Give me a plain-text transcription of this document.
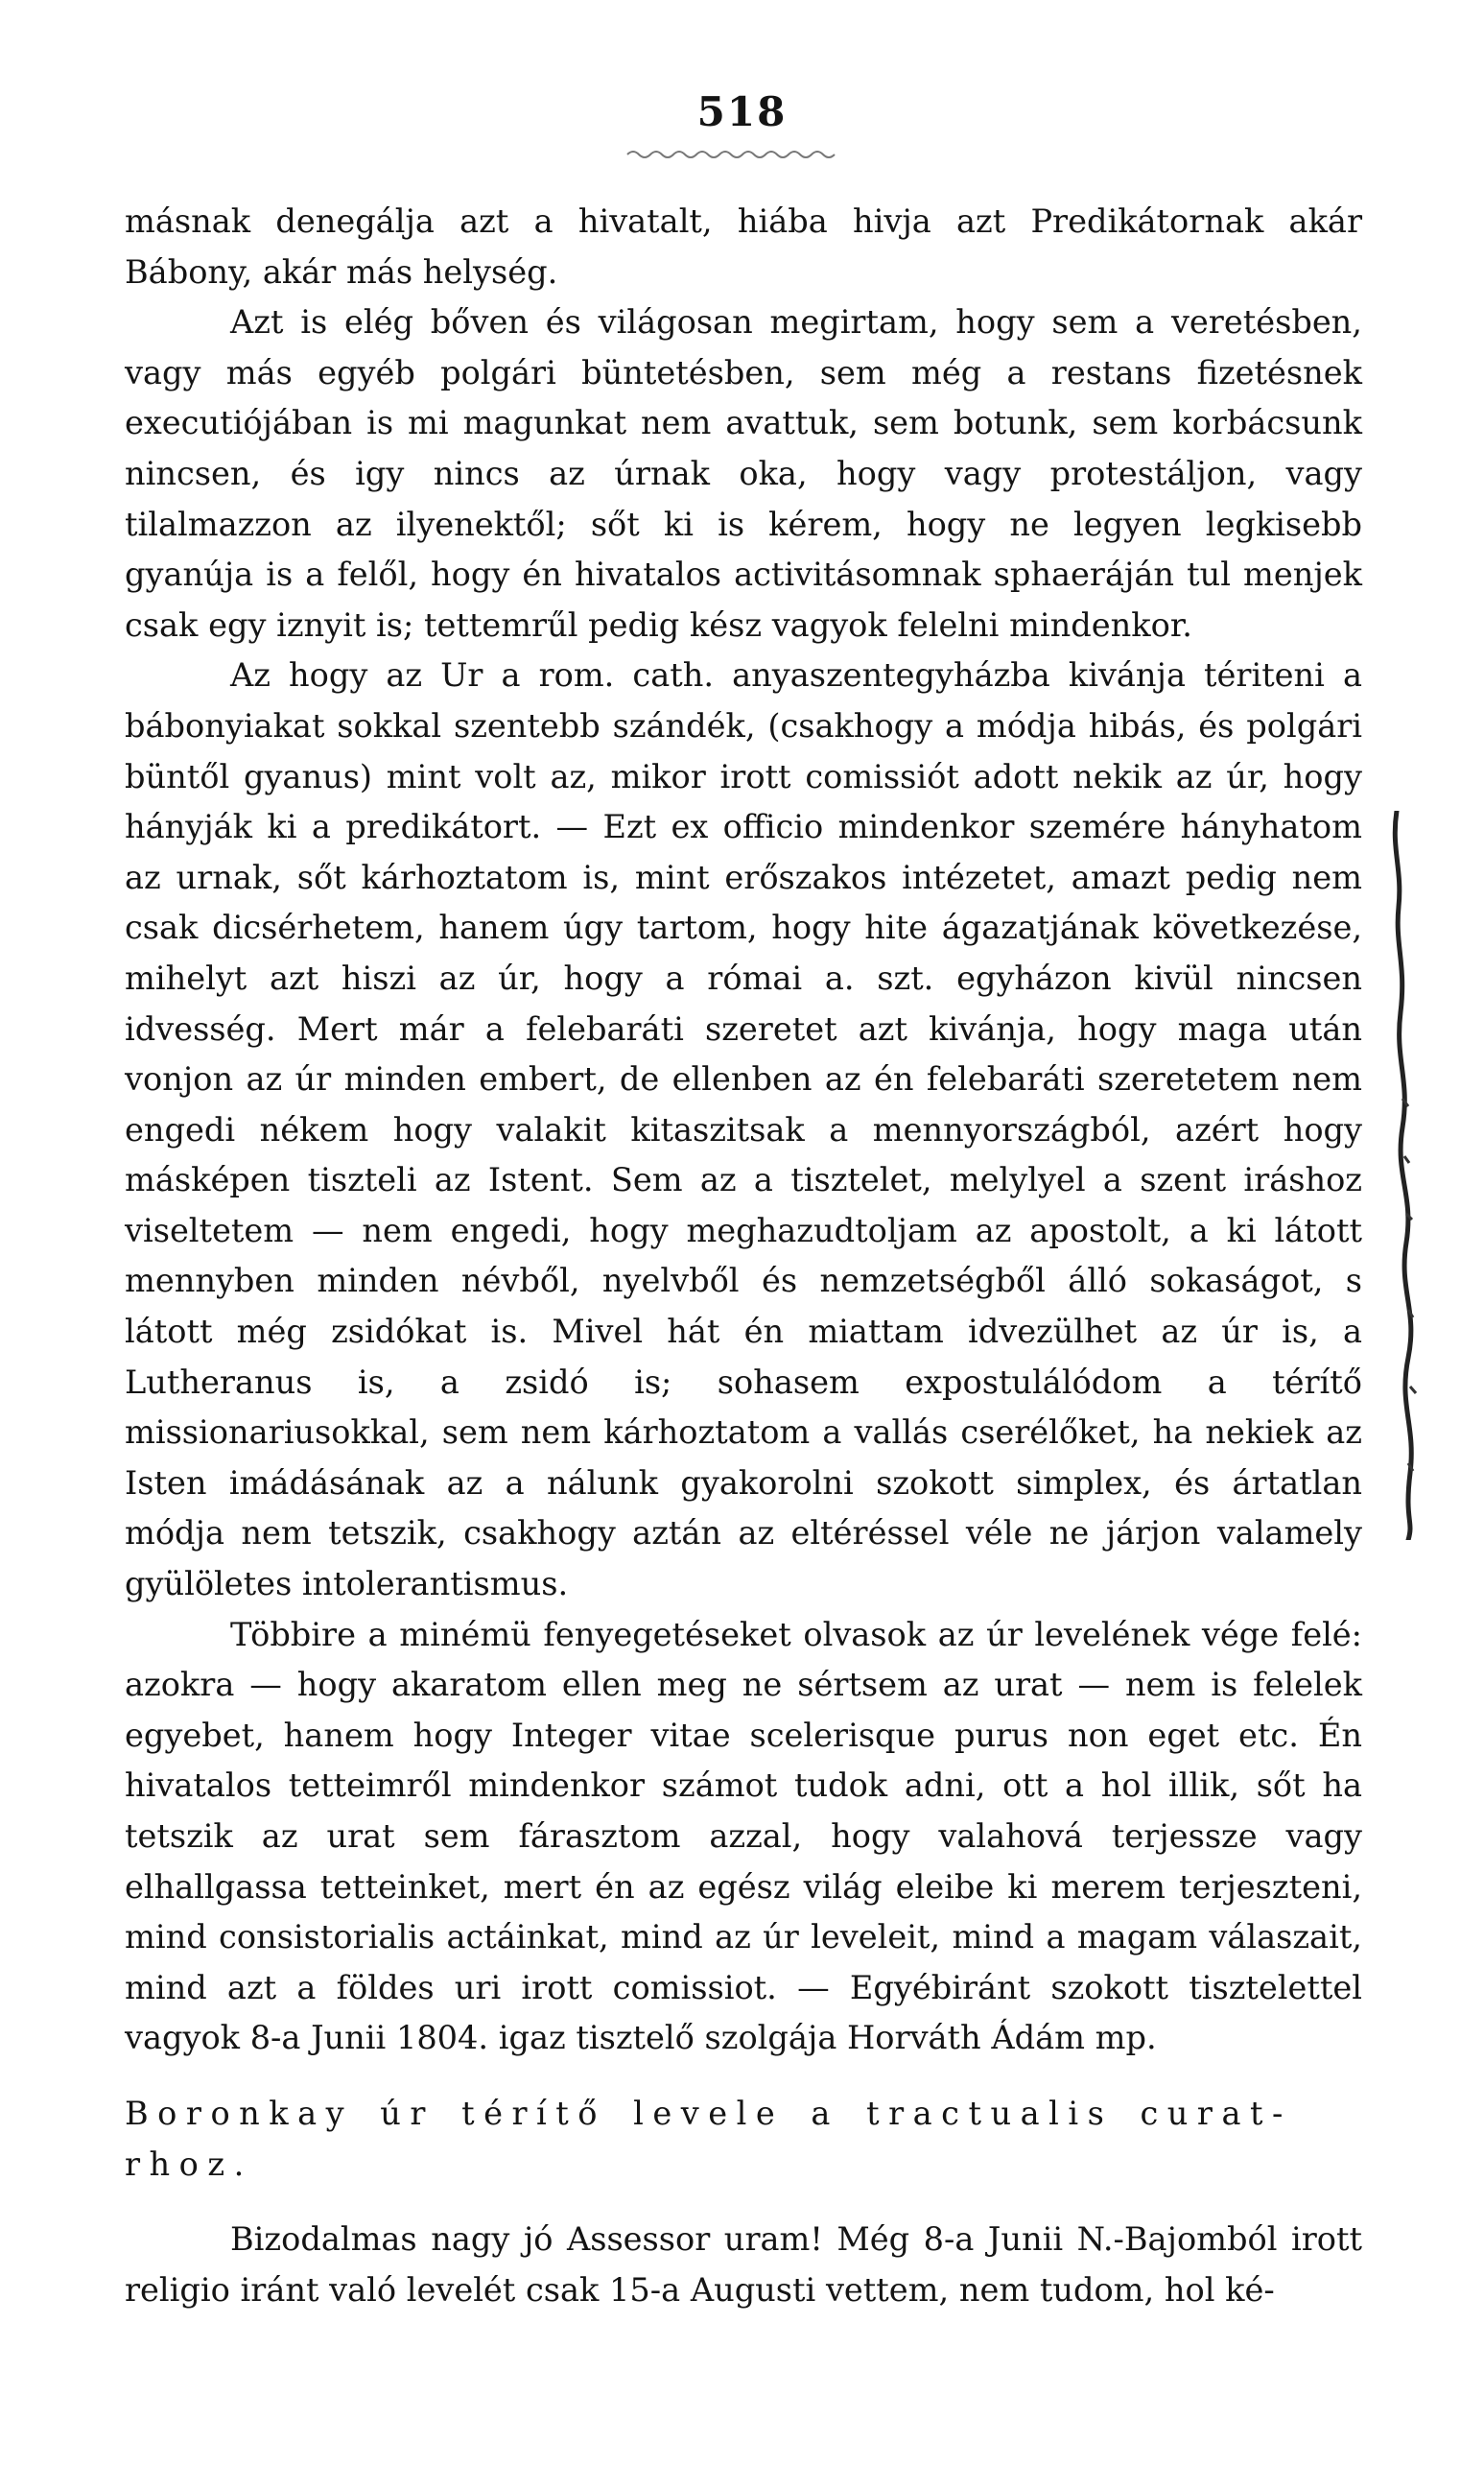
518

másnak denegálja azt a hivatalt, hiába hivja azt Predikátornak akár Bábony, akár más helység.

Azt is elég bőven és világosan megirtam, hogy sem a veretésben, vagy más egyéb polgári büntetésben, sem még a restans fizetésnek executiójában is mi magunkat nem avattuk, sem botunk, sem korbácsunk nincsen, és igy nincs az úrnak oka, hogy vagy protestáljon, vagy tilalmazzon az ilyenektől; sőt ki is kérem, hogy ne legyen legkisebb gyanúja is a felől, hogy én hivatalos activitásomnak sphaeráján tul menjek csak egy iznyit is; tettemrűl pedig kész vagyok felelni mindenkor.

Az hogy az Ur a rom. cath. anyaszentegyházba kivánja tériteni a bábonyiakat sokkal szentebb szándék, (csakhogy a módja hibás, és polgári büntől gyanus) mint volt az, mikor irott comissiót adott nekik az úr, hogy hányják ki a predikátort. — Ezt ex officio mindenkor szemére hányhatom az urnak, sőt kárhoztatom is, mint erőszakos intézetet, amazt pedig nem csak dicsérhetem, hanem úgy tartom, hogy hite ágazatjának következése, mihelyt azt hiszi az úr, hogy a római a. szt. egyházon kivül nincsen idvesség. Mert már a felebaráti szeretet azt kivánja, hogy maga után vonjon az úr minden embert, de ellenben az én felebaráti szeretetem nem engedi nékem hogy valakit kitaszitsak a mennyországból, azért hogy másképen tiszteli az Istent. Sem az a tisztelet, melylyel a szent iráshoz viseltetem — nem engedi, hogy meghazudtoljam az apostolt, a ki látott mennyben minden névből, nyelvből és nemzetségből álló sokaságot, s látott még zsidókat is. Mivel hát én miattam idvezülhet az úr is, a Lutheranus is, a zsidó is; sohasem expostulálódom a térítő missionariusokkal, sem nem kárhoztatom a vallás cserélőket, ha nekiek az Isten imádásának az a nálunk gyakorolni szokott simplex, és ártatlan módja nem tetszik, csakhogy aztán az eltéréssel véle ne járjon valamely gyülöletes intolerantismus.

Többire a minémü fenyegetéseket olvasok az úr levelének vége felé: azokra — hogy akaratom ellen meg ne sértsem az urat — nem is felelek egyebet, hanem hogy Integer vitae scelerisque purus non eget etc. Én hivatalos tetteimről mindenkor számot tudok adni, ott a hol illik, sőt ha tetszik az urat sem fárasztom azzal, hogy valahová terjessze vagy elhallgassa tetteinket, mert én az egész világ eleibe ki merem terjeszteni, mind consistorialis actáinkat, mind az úr leveleit, mind a magam válaszait, mind azt a földes uri irott comissiot. — Egyébiránt szokott tisztelettel vagyok 8-a Junii 1804. igaz tisztelő szolgája Horváth Ádám mp.

Boronkay úr térítő levele a tractualis curat-rhoz.

Bizodalmas nagy jó Assessor uram! Még 8-a Junii N.-Bajomból irott religio iránt való levelét csak 15-a Augusti vettem, nem tudom, hol ké-
